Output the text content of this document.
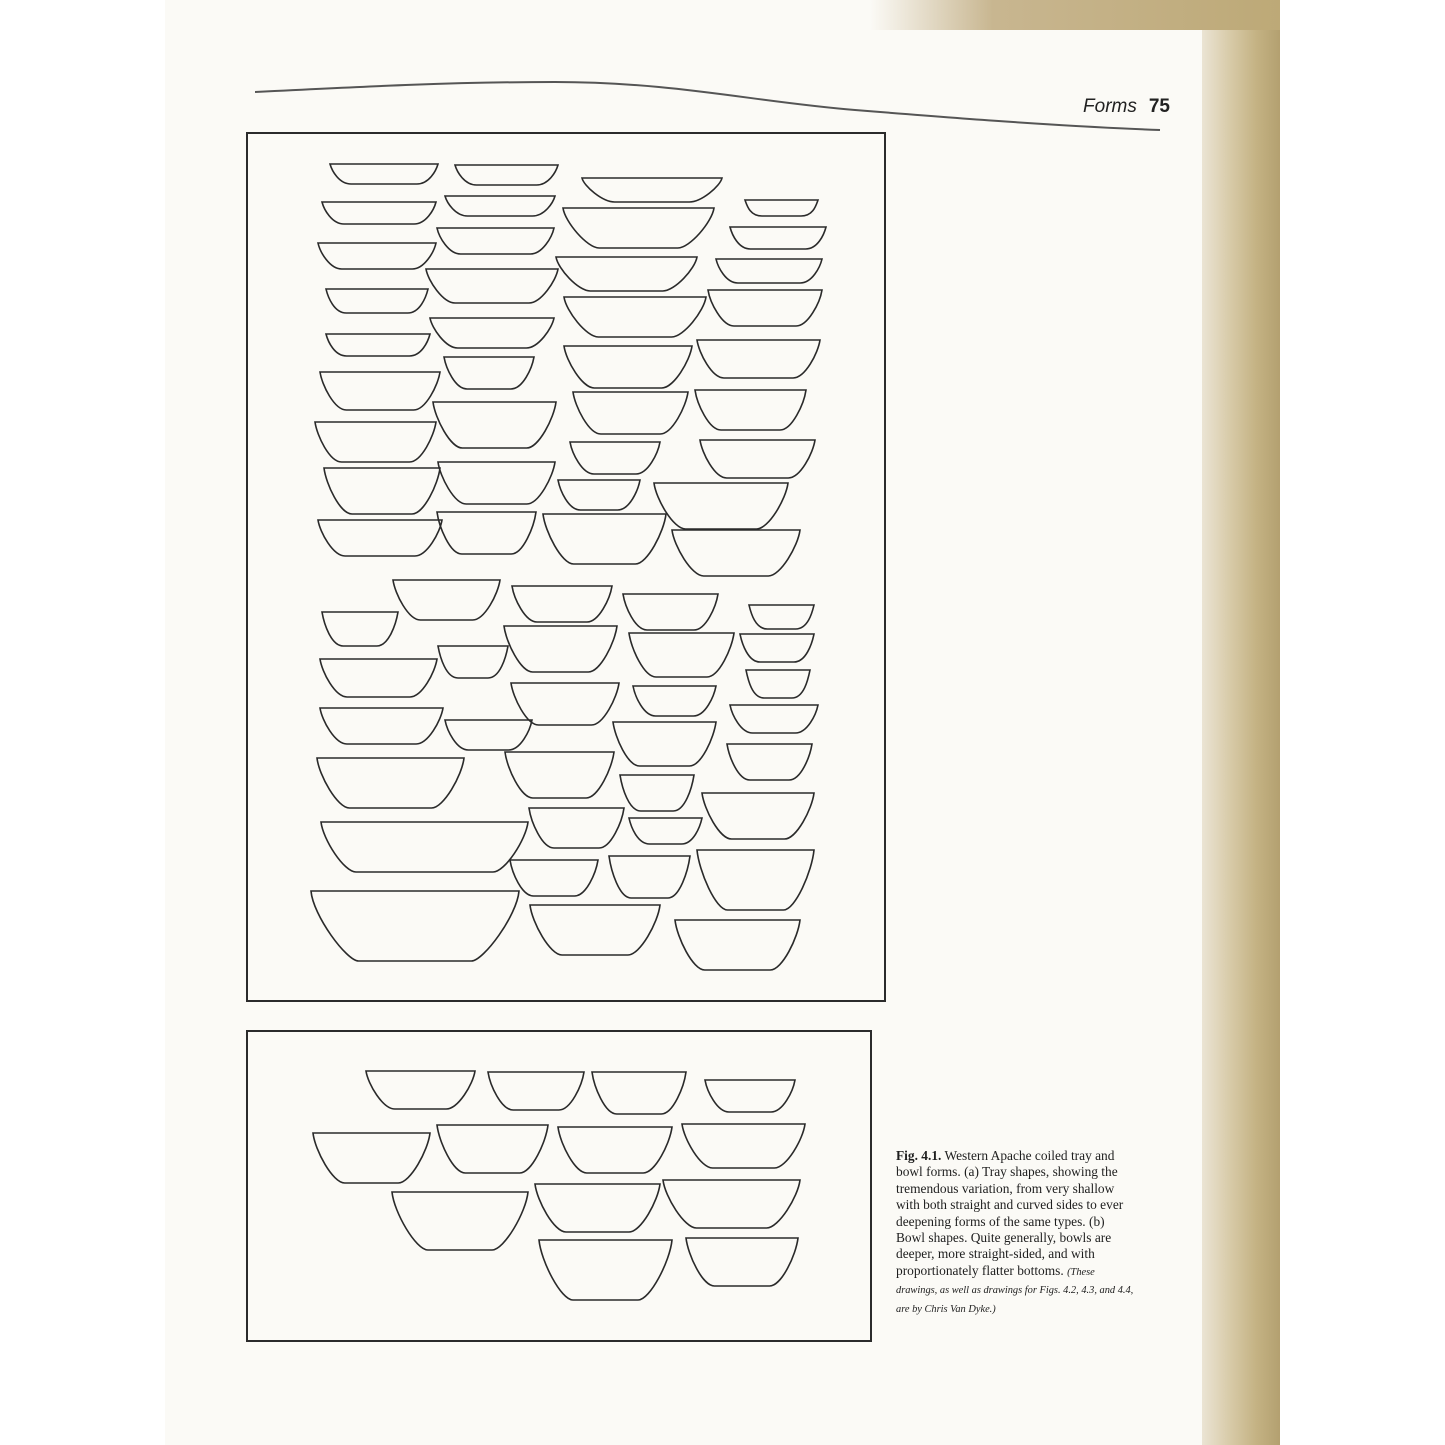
Forms 75
Fig. 4.1. Western Apache coiled tray and bowl forms. (a) Tray shapes, showing the tremendous variation, from very shallow with both straight and curved sides to ever deepening forms of the same types. (b) Bowl shapes. Quite generally, bowls are deeper, more straight-sided, and with proportionately flatter bottoms. (These drawings, as well as drawings for Figs. 4.2, 4.3, and 4.4, are by Chris Van Dyke.)
